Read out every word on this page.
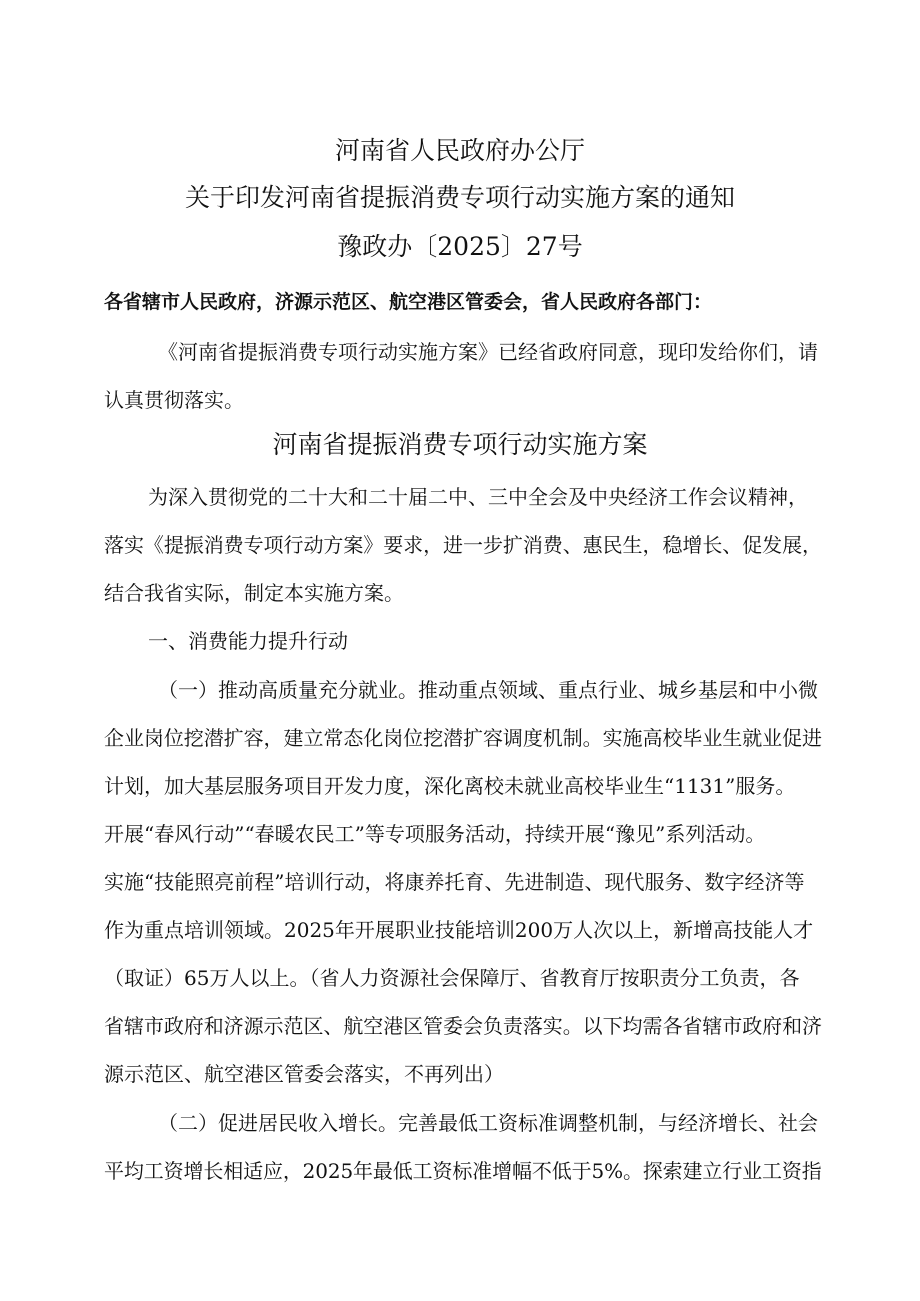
河南省人民政府办公厅
关于印发河南省提振消费专项行动实施方案的通知
豫政办〔2025〕27号
各省辖市人民政府，济源示范区、航空港区管委会，省人民政府各部门：
《河南省提振消费专项行动实施方案》已经省政府同意，现印发给你们，请
认真贯彻落实。
河南省提振消费专项行动实施方案
为深入贯彻党的二十大和二十届二中、三中全会及中央经济工作会议精神，
落实《提振消费专项行动方案》要求，进一步扩消费、惠民生，稳增长、促发展，
结合我省实际，制定本实施方案。
一、消费能力提升行动
（一）推动高质量充分就业。推动重点领域、重点行业、城乡基层和中小微
企业岗位挖潜扩容，建立常态化岗位挖潜扩容调度机制。实施高校毕业生就业促进
计划，加大基层服务项目开发力度，深化离校未就业高校毕业生“1131”服务。
开展“春风行动”“春暖农民工”等专项服务活动，持续开展“豫见”系列活动。
实施“技能照亮前程”培训行动，将康养托育、先进制造、现代服务、数字经济等
作为重点培训领域。2025年开展职业技能培训200万人次以上，新增高技能人才
（取证）65万人以上。（省人力资源社会保障厅、省教育厅按职责分工负责，各
省辖市政府和济源示范区、航空港区管委会负责落实。以下均需各省辖市政府和济
源示范区、航空港区管委会落实，不再列出）
（二）促进居民收入增长。完善最低工资标准调整机制，与经济增长、社会
平均工资增长相适应，2025年最低工资标准增幅不低于5%。探索建立行业工资指
